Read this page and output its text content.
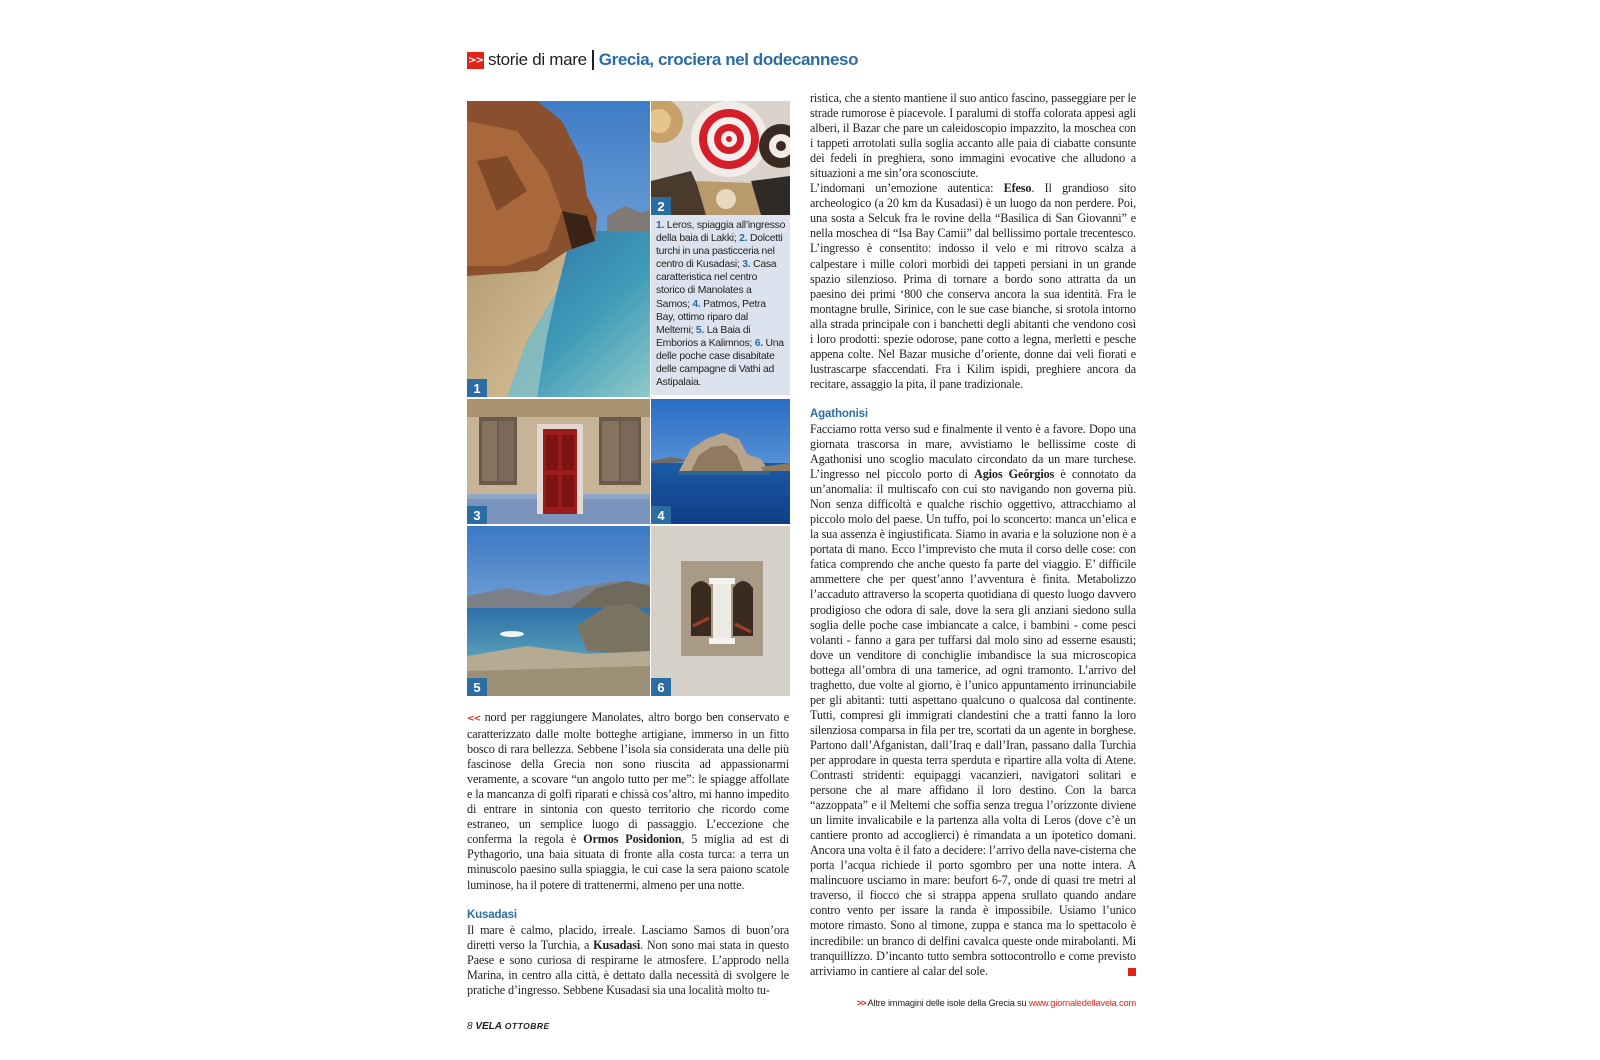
>> storie di mare Grecia, crociera nel dodecanneso
1
2
1. Leros, spiaggia all’ingresso della baia di Lakki; 2. Dolcetti turchi in una pasticceria nel centro di Kusadasi; 3. Casa caratteristica nel centro storico di Manolates a Samos; 4. Patmos, Petra Bay, ottimo riparo dal Meltemi; 5. La Baia di Emborios a Kalimnos; 6. Una delle poche case disabitate delle campagne di Vathi ad Astipalaia.
3	4
5	6

<< nord per raggiungere Manolates, altro borgo ben conservato e caratterizzato dalle molte botteghe artigiane, immerso in un fitto bosco di rara bellezza. Sebbene l’isola sia considerata una delle più fascinose della Grecia non sono riuscita ad appassionarmi veramente, a scovare “un angolo tutto per me”: le spiagge affollate e la mancanza di golfi riparati e chissà cos’altro, mi hanno impedito di entrare in sintonia con questo territorio che ricordo come estraneo, un semplice luogo di passaggio. L’eccezione che conferma la regola è Ormos Posidonion, 5 miglia ad est di Pythagorio, una baia situata di fronte alla costa turca: a terra un minuscolo paesino sulla spiaggia, le cui case la sera paiono scatole luminose, ha il potere di trattenermi, almeno per una notte.

Kusadasi

Il mare è calmo, placido, irreale. Lasciamo Samos di buon’ora diretti verso la Turchia, a Kusadasi. Non sono mai stata in questo Paese e sono curiosa di respirarne le atmosfere. L’approdo nella Marina, in centro alla città, è dettato dalla necessità di svolgere le pratiche d’ingresso. Sebbene Kusadasi sia una località molto tu-

ristica, che a stento mantiene il suo antico fascino, passeggiare per le strade rumorose è piacevole. I paralumi di stoffa colorata appesi agli alberi, il Bazar che pare un caleidoscopio impazzito, la moschea con i tappeti arrotolati sulla soglia accanto alle paia di ciabatte consunte dei fedeli in preghiera, sono immagini evocative che alludono a situazioni a me sin’ora sconosciute.

L’indomani un’emozione autentica: Efeso. Il grandioso sito archeologico (a 20 km da Kusadasi) è un luogo da non perdere. Poi, una sosta a Selcuk fra le rovine della “Basilica di San Giovanni” e nella moschea di “Isa Bay Camii” dal bellissimo portale trecentesco. L’ingresso è consentito: indosso il velo e mi ritrovo scalza a calpestare i mille colori morbidi dei tappeti persiani in un grande spazio silenzioso. Prima di tornare a bordo sono attratta da un paesino dei primi ‘800 che conserva ancora la sua identità. Fra le montagne brulle, Sirinice, con le sue case bianche, si srotola intorno alla strada principale con i banchetti degli abitanti che vendono così i loro prodotti: spezie odorose, pane cotto a legna, merletti e pesche appena colte. Nel Bazar musiche d’oriente, donne dai veli fiorati e lustrascarpe sfaccendati. Fra i Kilim ispidi, preghiere ancora da recitare, assaggio la pita, il pane tradizionale.

Agathonisi

Facciamo rotta verso sud e finalmente il vento è a favore. Dopo una giornata trascorsa in mare, avvistiamo le bellissime coste di Agathonisi uno scoglio maculato circondato da un mare turchese. L’ingresso nel piccolo porto di Agios Geórgios è connotato da un’anomalia: il multiscafo con cui sto navigando non governa più. Non senza difficoltà e qualche rischio oggettivo, attracchiamo al piccolo molo del paese. Un tuffo, poi lo sconcerto: manca un’elica e la sua assenza è ingiustificata. Siamo in avaria e la soluzione non è a portata di mano. Ecco l’imprevisto che muta il corso delle cose: con fatica comprendo che anche questo fa parte del viaggio. E’ difficile ammettere che per quest’anno l’avventura è finita. Metabolizzo l’accaduto attraverso la scoperta quotidiana di questo luogo davvero prodigioso che odora di sale, dove la sera gli anziani siedono sulla soglia delle poche case imbiancate a calce, i bambini - come pesci volanti - fanno a gara per tuffarsi dal molo sino ad esserne esausti; dove un venditore di conchiglie imbandisce la sua microscopica bottega all’ombra di una tamerice, ad ogni tramonto. L’arrivo del traghetto, due volte al giorno, è l’unico appuntamento irrinunciabile per gli abitanti: tutti aspettano qualcuno o qualcosa dal continente. Tutti, compresi gli immigrati clandestini che a tratti fanno la loro silenziosa comparsa in fila per tre, scortati da un agente in borghese. Partono dall’Afganistan, dall’Iraq e dall’Iran, passano dalla Turchia per approdare in questa terra sperduta e ripartire alla volta di Atene. Contrasti stridenti: equipaggi vacanzieri, navigatori solitari e persone che al mare affidano il loro destino. Con la barca “azzoppata” e il Meltemi che soffia senza tregua l’orizzonte diviene un limite invalicabile e la partenza alla volta di Leros (dove c’è un cantiere pronto ad accoglierci) è rimandata a un ipotetico domani. Ancora una volta è il fato a decidere: l’arrivo della nave-cisterna che porta l’acqua richiede il porto sgombro per una notte intera. A malincuore usciamo in mare: beufort 6-7, onde di quasi tre metri al traverso, il fiocco che si strappa appena srullato quando andare contro vento per issare la randa è impossibile. Usiamo l’unico motore rimasto. Sono al timone, zuppa e stanca ma lo spettacolo è incredibile: un branco di delfini cavalca queste onde mirabolanti. Mi tranquillizzo. D’incanto tutto sembra sottocontrollo e come previsto arriviamo in cantiere al calar del sole.

>> Altre immagini delle isole della Grecia su www.giornaledellavela.com
8 VELA OTTOBRE
